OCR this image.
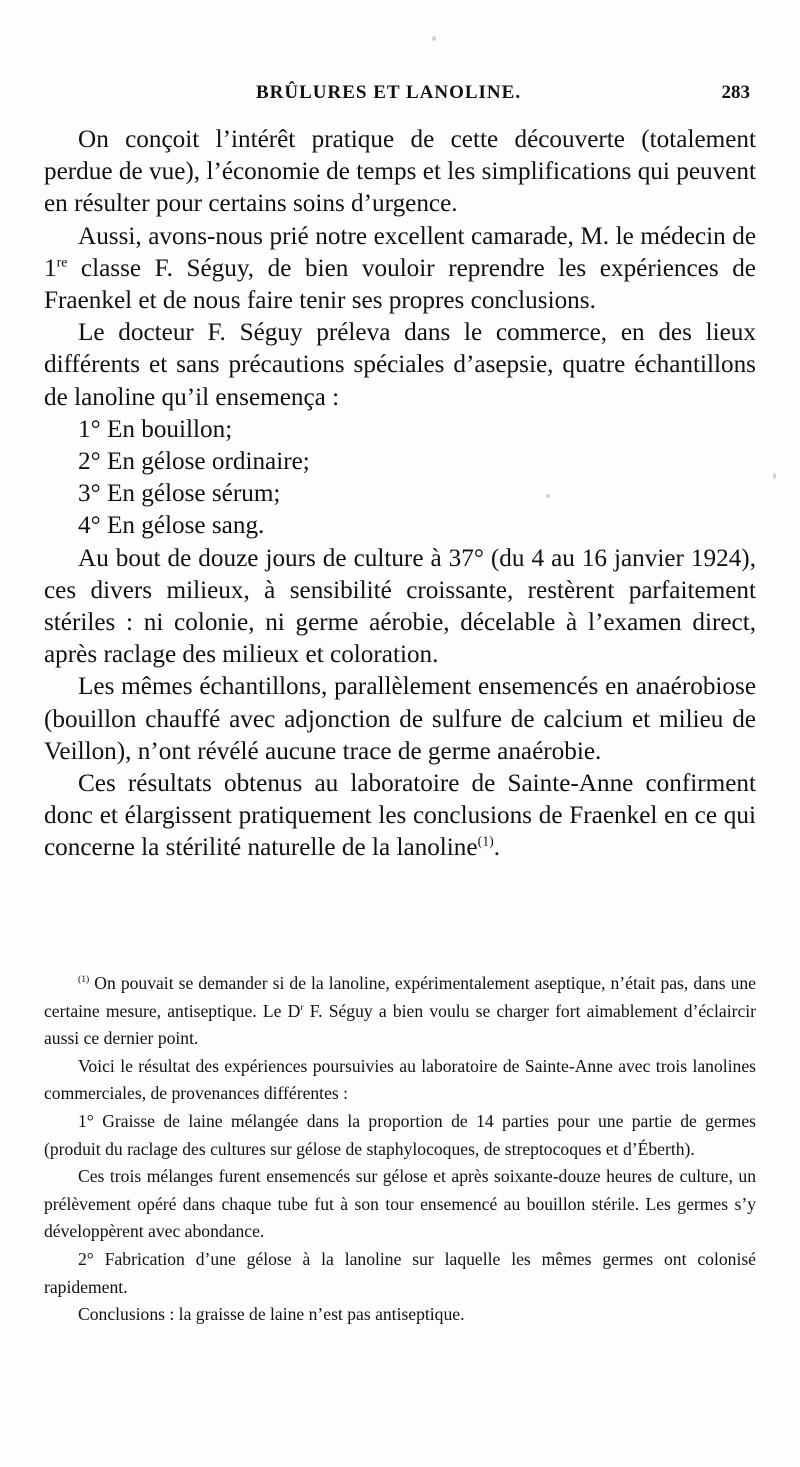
BRÛLURES ET LANOLINE.	283

On conçoit l’intérêt pratique de cette découverte (totalement perdue de vue), l’économie de temps et les simplifications qui peuvent en résulter pour certains soins d’urgence.

Aussi, avons-nous prié notre excellent camarade, M. le médecin de 1re classe F. Séguy, de bien vouloir reprendre les expériences de Fraenkel et de nous faire tenir ses propres conclusions.

Le docteur F. Séguy préleva dans le commerce, en des lieux différents et sans précautions spéciales d’asepsie, quatre échantillons de lanoline qu’il ensemença :

1° En bouillon;
2° En gélose ordinaire;
3° En gélose sérum;
4° En gélose sang.

Au bout de douze jours de culture à 37° (du 4 au 16 janvier 1924), ces divers milieux, à sensibilité croissante, restèrent parfaitement stériles : ni colonie, ni germe aérobie, décelable à l’examen direct, après raclage des milieux et coloration.

Les mêmes échantillons, parallèlement ensemencés en anaérobiose (bouillon chauffé avec adjonction de sulfure de calcium et milieu de Veillon), n’ont révélé aucune trace de germe anaérobie.

Ces résultats obtenus au laboratoire de Sainte-Anne confirment donc et élargissent pratiquement les conclusions de Fraenkel en ce qui concerne la stérilité naturelle de la lanoline$^{(1)}$.

$^{(1)}$ On pouvait se demander si de la lanoline, expérimentalement aseptique, n’était pas, dans une certaine mesure, antiseptique. Le $D^r$ F. Séguy a bien voulu se charger fort aimablement d’éclaircir aussi ce dernier point.

Voici le résultat des expériences poursuivies au laboratoire de Sainte-Anne avec trois lanolines commerciales, de provenances différentes :

1° Graisse de laine mélangée dans la proportion de 14 parties pour une partie de germes (produit du raclage des cultures sur gélose de staphylocoques, de streptocoques et d’Éberth).

Ces trois mélanges furent ensemencés sur gélose et après soixante-douze heures de culture, un prélèvement opéré dans chaque tube fut à son tour ensemencé au bouillon stérile. Les germes s’y développèrent avec abondance.

2° Fabrication d’une gélose à la lanoline sur laquelle les mêmes germes ont colonisé rapidement.

Conclusions : la graisse de laine n’est pas antiseptique.
